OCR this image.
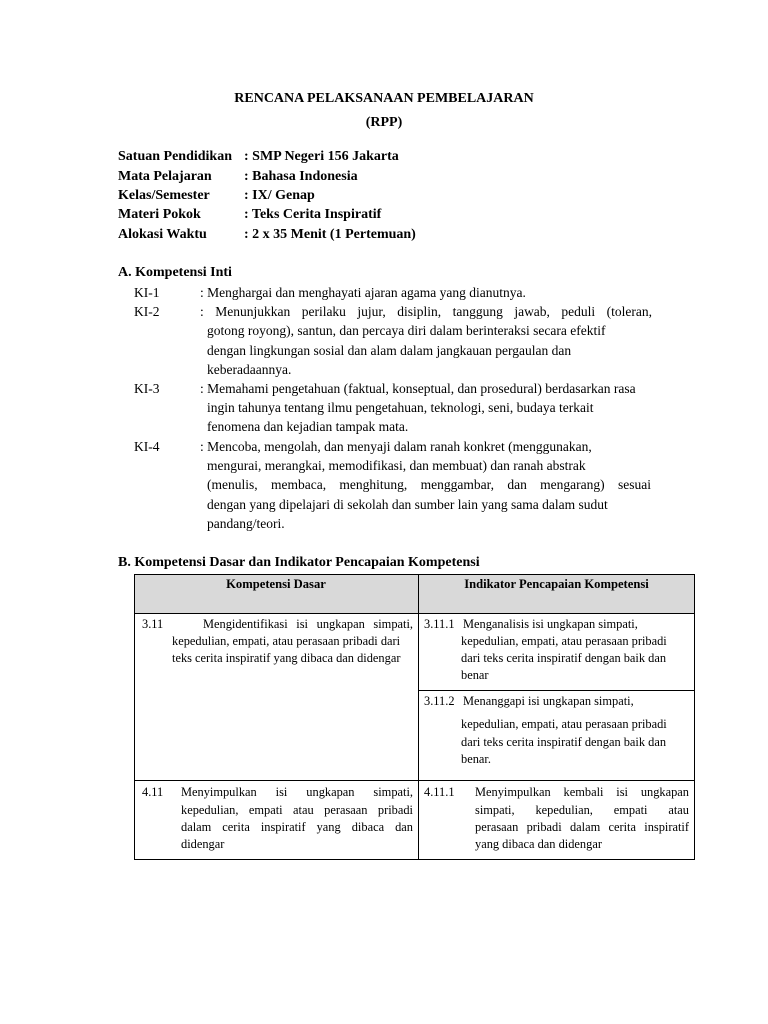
RENCANA PELAKSANAAN PEMBELAJARAN
(RPP)
Satuan Pendidikan : SMP Negeri 156 Jakarta
Mata Pelajaran : Bahasa Indonesia
Kelas/Semester : IX/ Genap
Materi Pokok	: Teks Cerita Inspiratif
Alokasi Waktu	: 2 x 35 Menit (1 Pertemuan)
A. Kompetensi Inti
KI-1	: Menghargai dan menghayati ajaran agama yang dianutnya.
KI-2	: Menunjukkan perilaku jujur, disiplin, tanggung jawab, peduli (toleran,
gotong royong), santun, dan percaya diri dalam berinteraksi secara efektif
dengan lingkungan sosial dan alam dalam jangkauan pergaulan dan
keberadaannya.
KI-3	: Memahami pengetahuan (faktual, konseptual, dan prosedural) berdasarkan rasa
ingin tahunya tentang ilmu pengetahuan, teknologi, seni, budaya terkait
fenomena dan kejadian tampak mata.
KI-4	: Mencoba, mengolah, dan menyaji dalam ranah konkret (menggunakan,
mengurai, merangkai, memodifikasi, dan membuat) dan ranah abstrak
(menulis, membaca, menghitung, menggambar, dan mengarang) sesuai
dengan yang dipelajari di sekolah dan sumber lain yang sama dalam sudut
pandang/teori.
B. Kompetensi Dasar dan Indikator Pencapaian Kompetensi
Kompetensi Dasar	Indikator Pencapaian Kompetensi
3.11	Mengidentifikasi isi ungkapan simpati,
kepedulian, empati, atau perasaan pribadi dari
teks cerita inspiratif yang dibaca dan didengar
3.11.1 Menganalisis isi ungkapan simpati,
kepedulian, empati, atau perasaan pribadi
dari teks cerita inspiratif dengan baik dan
benar
3.11.2 Menanggapi isi ungkapan simpati,
kepedulian, empati, atau perasaan pribadi
dari teks cerita inspiratif dengan baik dan
benar.
4.11 Menyimpulkan isi ungkapan simpati,
kepedulian, empati atau perasaan pribadi
dalam cerita inspiratif yang dibaca dan
didengar
4.11.1 Menyimpulkan kembali isi ungkapan
simpati, kepedulian, empati atau
perasaan pribadi dalam cerita inspiratif
yang dibaca dan didengar
